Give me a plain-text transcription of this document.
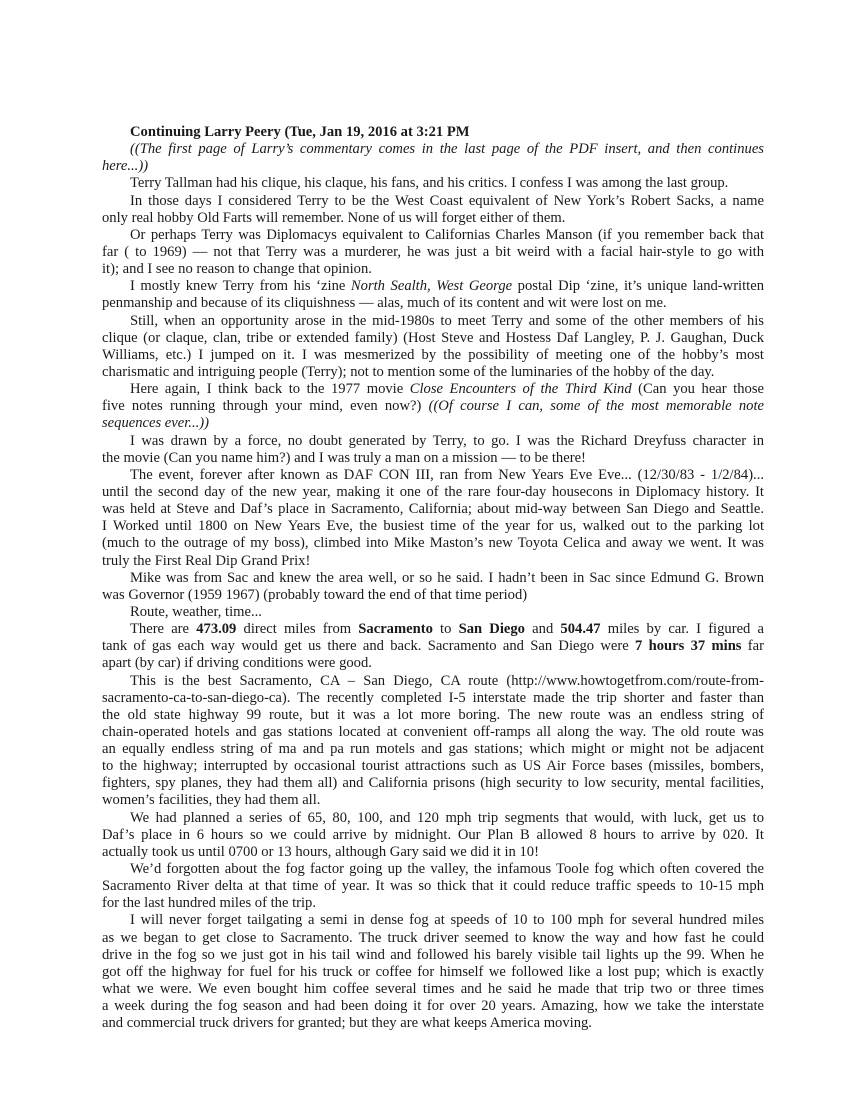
Continuing Larry Peery (Tue, Jan 19, 2016 at 3:21 PM
((The first page of Larry’s commentary comes in the last page of the PDF insert, and then continues
here...))
Terry Tallman had his clique, his claque, his fans, and his critics. I confess I was among the last group.
In those days I considered Terry to be the West Coast equivalent of New York’s Robert Sacks, a name
only real hobby Old Farts will remember. None of us will forget either of them.
Or perhaps Terry was Diplomacys equivalent to Californias Charles Manson (if you remember back that
far ( to 1969) — not that Terry was a murderer, he was just a bit weird with a facial hair-style to go with
it); and I see no reason to change that opinion.
I mostly knew Terry from his ‘zine North Sealth, West George postal Dip ‘zine, it’s unique land-written
penmanship and because of its cliquishness — alas, much of its content and wit were lost on me.
Still, when an opportunity arose in the mid-1980s to meet Terry and some of the other members of his
clique (or claque, clan, tribe or extended family) (Host Steve and Hostess Daf Langley, P. J. Gaughan, Duck
Williams, etc.) I jumped on it. I was mesmerized by the possibility of meeting one of the hobby’s most
charismatic and intriguing people (Terry); not to mention some of the luminaries of the hobby of the day.
Here again, I think back to the 1977 movie Close Encounters of the Third Kind (Can you hear those
five notes running through your mind, even now?) ((Of course I can, some of the most memorable note
sequences ever...))
I was drawn by a force, no doubt generated by Terry, to go. I was the Richard Dreyfuss character in
the movie (Can you name him?) and I was truly a man on a mission — to be there!
The event, forever after known as DAF CON III, ran from New Years Eve Eve... (12/30/83 - 1/2/84)...
until the second day of the new year, making it one of the rare four-day housecons in Diplomacy history. It
was held at Steve and Daf’s place in Sacramento, California; about mid-way between San Diego and Seattle.
I Worked until 1800 on New Years Eve, the busiest time of the year for us, walked out to the parking lot
(much to the outrage of my boss), climbed into Mike Maston’s new Toyota Celica and away we went. It was
truly the First Real Dip Grand Prix!
Mike was from Sac and knew the area well, or so he said. I hadn’t been in Sac since Edmund G. Brown
was Governor (1959 1967) (probably toward the end of that time period)
Route, weather, time...
There are 473.09 direct miles from Sacramento to San Diego and 504.47 miles by car. I figured a
tank of gas each way would get us there and back. Sacramento and San Diego were 7 hours 37 mins far
apart (by car) if driving conditions were good.
This is the best Sacramento, CA – San Diego, CA route (http://www.howtogetfrom.com/route-from-
sacramento-ca-to-san-diego-ca). The recently completed I-5 interstate made the trip shorter and faster than
the old state highway 99 route, but it was a lot more boring. The new route was an endless string of
chain-operated hotels and gas stations located at convenient off-ramps all along the way. The old route was
an equally endless string of ma and pa run motels and gas stations; which might or might not be adjacent
to the highway; interrupted by occasional tourist attractions such as US Air Force bases (missiles, bombers,
fighters, spy planes, they had them all) and California prisons (high security to low security, mental facilities,
women’s facilities, they had them all.
We had planned a series of 65, 80, 100, and 120 mph trip segments that would, with luck, get us to
Daf’s place in 6 hours so we could arrive by midnight. Our Plan B allowed 8 hours to arrive by 020. It
actually took us until 0700 or 13 hours, although Gary said we did it in 10!
We’d forgotten about the fog factor going up the valley, the infamous Toole fog which often covered the
Sacramento River delta at that time of year. It was so thick that it could reduce traffic speeds to 10-15 mph
for the last hundred miles of the trip.
I will never forget tailgating a semi in dense fog at speeds of 10 to 100 mph for several hundred miles
as we began to get close to Sacramento. The truck driver seemed to know the way and how fast he could
drive in the fog so we just got in his tail wind and followed his barely visible tail lights up the 99. When he
got off the highway for fuel for his truck or coffee for himself we followed like a lost pup; which is exactly
what we were. We even bought him coffee several times and he said he made that trip two or three times
a week during the fog season and had been doing it for over 20 years. Amazing, how we take the interstate
and commercial truck drivers for granted; but they are what keeps America moving.
